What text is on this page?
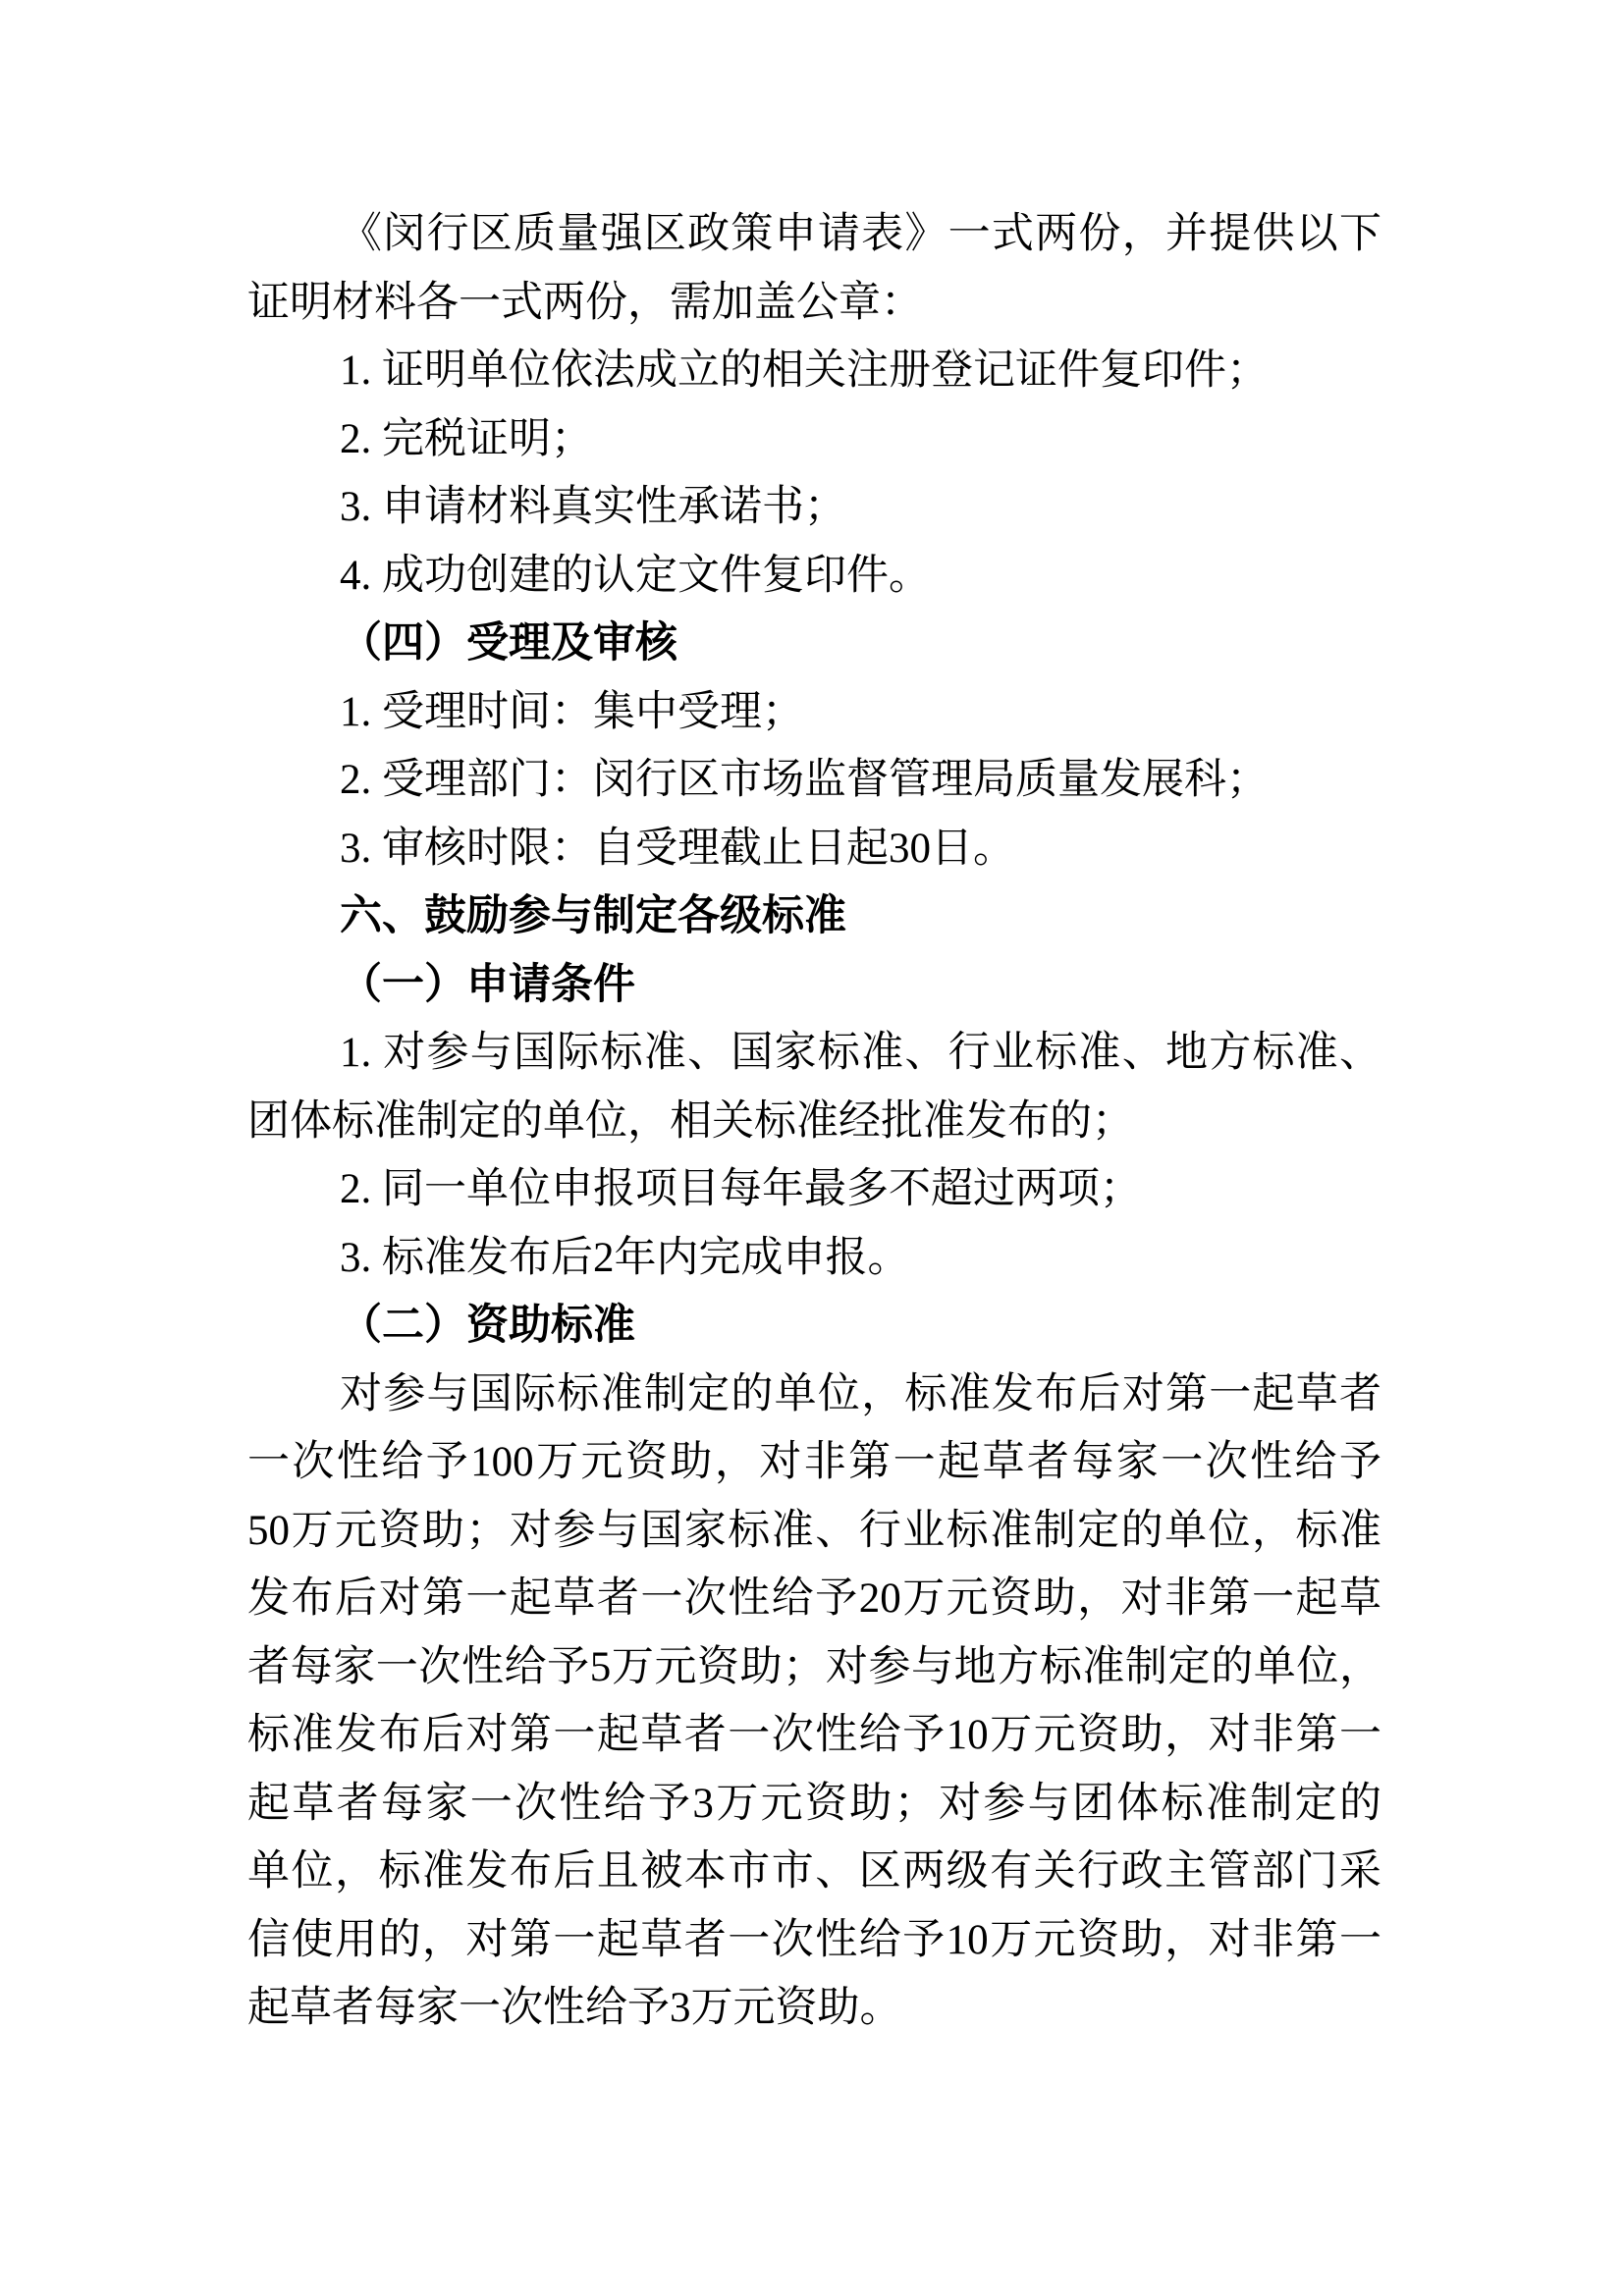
《闵行区质量强区政策申请表》一式两份，并提供以下
证明材料各一式两份，需加盖公章：
1. 证明单位依法成立的相关注册登记证件复印件；
2. 完税证明；
3. 申请材料真实性承诺书；
4. 成功创建的认定文件复印件。
（四）受理及审核
1. 受理时间：集中受理；
2. 受理部门：闵行区市场监督管理局质量发展科；
3. 审核时限：自受理截止日起30日。
六、鼓励参与制定各级标准
（一）申请条件
1. 对参与国际标准、国家标准、行业标准、地方标准、
团体标准制定的单位，相关标准经批准发布的；
2. 同一单位申报项目每年最多不超过两项；
3. 标准发布后2年内完成申报。
（二）资助标准
对参与国际标准制定的单位，标准发布后对第一起草者
一次性给予100万元资助，对非第一起草者每家一次性给予
50万元资助；对参与国家标准、行业标准制定的单位，标准
发布后对第一起草者一次性给予20万元资助，对非第一起草
者每家一次性给予5万元资助；对参与地方标准制定的单位，
标准发布后对第一起草者一次性给予10万元资助，对非第一
起草者每家一次性给予3万元资助；对参与团体标准制定的
单位，标准发布后且被本市市、区两级有关行政主管部门采
信使用的，对第一起草者一次性给予10万元资助，对非第一
起草者每家一次性给予3万元资助。
